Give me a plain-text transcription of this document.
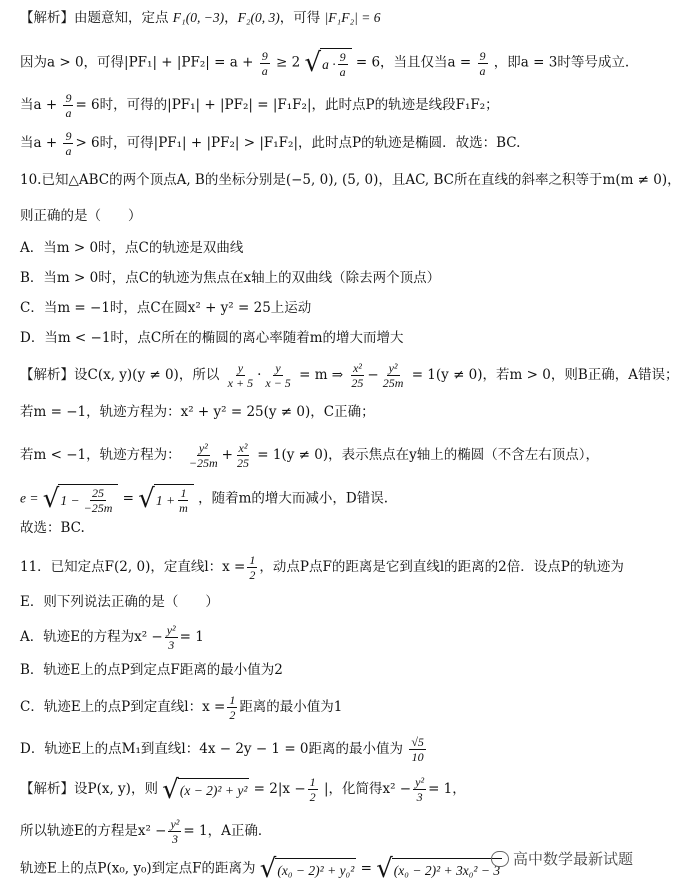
【解析】由题意知，定点 F₁(0, −3)，F₂(0, 3)，可得 |F₁F₂| = 6
因为a > 0，可得$|PF_1| + |PF_2| = a + \frac{9}{a} \ge 2$ √ a · 9
a
= 6，当且仅当$a = \frac{9}{a}$ ，即a = 3时等号成立.
当$a + \frac{9}{a} = 6$时，可得的|PF₁| + |PF₂| = |F₁F₂|，此时点P的轨迹是线段F₁F₂；
当$a + \frac{9}{a} > 6$时，可得|PF₁| + |PF₂| > |F₁F₂|，此时点P的轨迹是椭圆．故选：BC.
10.已知△ABC的两个顶点A, B的坐标分别是(−5, 0), (5, 0)，且AC, BC所在直线的斜率之积等于m(m ≠ 0)，
则正确的是（　　）
A．当m > 0时，点C的轨迹是双曲线
B．当m > 0时，点C的轨迹为焦点在x轴上的双曲线（除去两个顶点）
C．当m = −1时，点C在圆x² + y² = 25上运动
D．当m < −1时，点C所在的椭圆的离心率随着m的增大而增大
【解析】设C(x, y)(y ≠ 0)，所以 $\frac{y}{x + 5} \cdot \frac{y}{x - 5} = m$ ⇒ $\frac{\text{x²}}{25} - \frac{\text{y²}}{25m} = 1(y \ne 0)$，若m > 0，则B正确，A错误；
若m = −1，轨迹方程为：x² + y² = 25(y ≠ 0)，C正确；
若m < −1，轨迹方程为： $\frac{\text{y²}}{-25m} + \frac{\text{x²}}{25} = 1(y \ne 0)$，表示焦点在y轴上的椭圆（不含左右顶点），
e = √ 1 − 25
−25m
= √ 1 + 1
m
，随着m的增大而减小，D错误.
故选：BC.
11．已知定点F(2, 0)，定直线l：$x = \frac{1}{2}$ ，动点P点F的距离是它到直线l的距离的2倍．设点P的轨迹为
E．则下列说法正确的是（　　）
A．轨迹E的方程为$x^2 - \frac{\text{y²}}{3} = 1$
B．轨迹E上的点P到定点F距离的最小值为2
C．轨迹E上的点P到定直线l：$x = \frac{1}{2}$ 距离的最小值为1
D．轨迹E上的点M₁到直线l：4x − 2y − 1 = 0距离的最小值为 $\frac{√5}{10}$
【解析】设P(x, y)，则 √ $(x - 2)^2 + y^2 = 2|x - \frac{1}{2}$ |，化简得$x^2 - \frac{\text{y²}}{3} = 1$，
所以轨迹E的方程是$x^2 - \frac{\text{y²}}{3} = 1$，A正确．
轨迹E上的点P(x₀, y₀)到定点F的距离为 √ (x₀ − 2)² + y₀² = √ (x₀ − 2)² + 3x₀² − 3
高中数学最新试题
